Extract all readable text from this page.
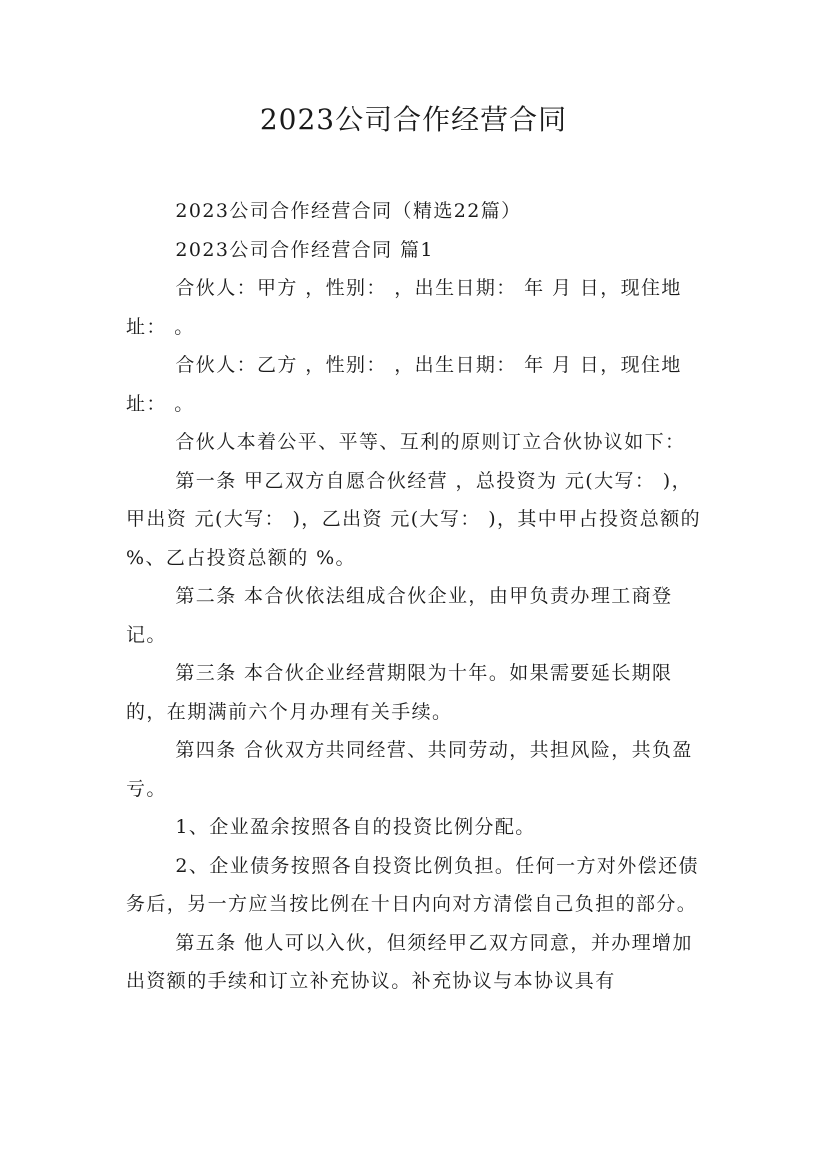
2023公司合作经营合同

2023公司合作经营合同（精选22篇）

2023公司合作经营合同 篇1

合伙人：甲方 ，性别： ，出生日期： 年 月 日，现住地址： 。

合伙人：乙方 ，性别： ，出生日期： 年 月 日，现住地址： 。

合伙人本着公平、平等、互利的原则订立合伙协议如下：

第一条 甲乙双方自愿合伙经营 ，总投资为 元(大写： )，甲出资 元(大写： )，乙出资 元(大写： )，其中甲占投资总额的 %、乙占投资总额的 %。

第二条 本合伙依法组成合伙企业，由甲负责办理工商登记。

第三条 本合伙企业经营期限为十年。如果需要延长期限的，在期满前六个月办理有关手续。

第四条 合伙双方共同经营、共同劳动，共担风险，共负盈亏。

1、企业盈余按照各自的投资比例分配。

2、企业债务按照各自投资比例负担。任何一方对外偿还债务后，另一方应当按比例在十日内向对方清偿自己负担的部分。

第五条 他人可以入伙，但须经甲乙双方同意，并办理增加出资额的手续和订立补充协议。补充协议与本协议具有
